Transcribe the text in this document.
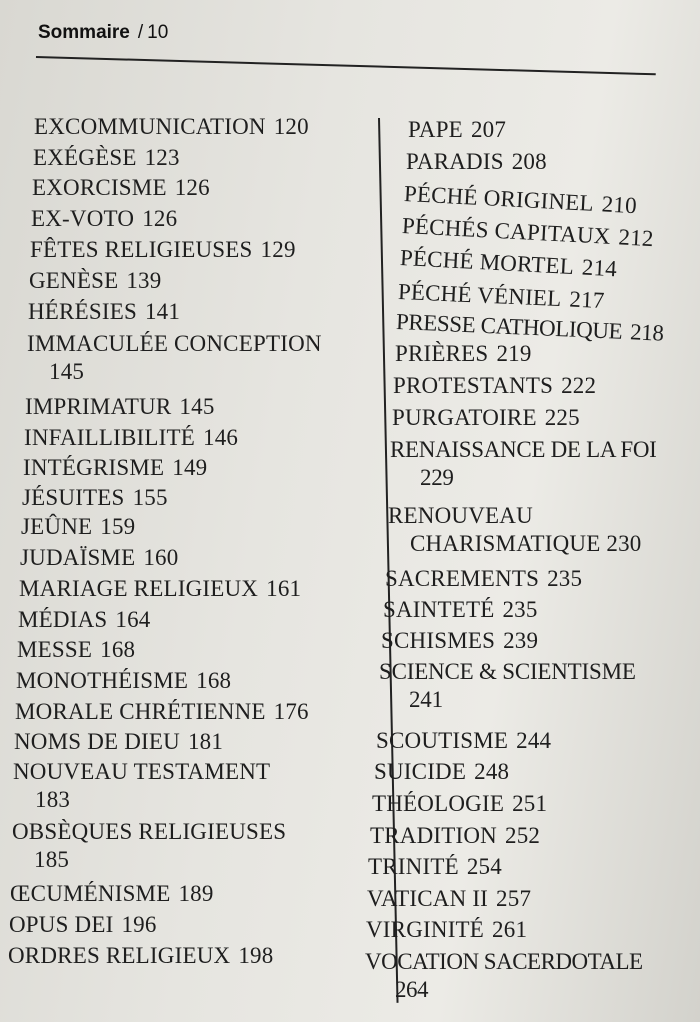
Sommaire / 10
EXCOMMUNICATION 120
EXÉGÈSE 123
EXORCISME 126
EX-VOTO 126
FÊTES RELIGIEUSES 129
GENÈSE 139
HÉRÉSIES 141
IMMACULÉE CONCEPTION
145
IMPRIMATUR 145
INFAILLIBILITÉ 146
INTÉGRISME 149
JÉSUITES 155
JEÛNE 159
JUDAÏSME 160
MARIAGE RELIGIEUX 161
MÉDIAS 164
MESSE 168
MONOTHÉISME 168
MORALE CHRÉTIENNE 176
NOMS DE DIEU 181
NOUVEAU TESTAMENT
183
OBSÈQUES RELIGIEUSES
185
ŒCUMÉNISME 189
OPUS DEI 196
ORDRES RELIGIEUX 198
PAPE 207
PARADIS 208
PÉCHÉ ORIGINEL 210
PÉCHÉS CAPITAUX 212
PÉCHÉ MORTEL 214
PÉCHÉ VÉNIEL 217
PRESSE CATHOLIQUE 218
PRIÈRES 219
PROTESTANTS 222
PURGATOIRE 225
RENAISSANCE DE LA FOI
229
RENOUVEAU
CHARISMATIQUE 230
SACREMENTS 235
SAINTETÉ 235
SCHISMES 239
SCIENCE & SCIENTISME
241
SCOUTISME 244
SUICIDE 248
THÉOLOGIE 251
TRADITION 252
TRINITÉ 254
VATICAN II 257
VIRGINITÉ 261
VOCATION SACERDOTALE
264
